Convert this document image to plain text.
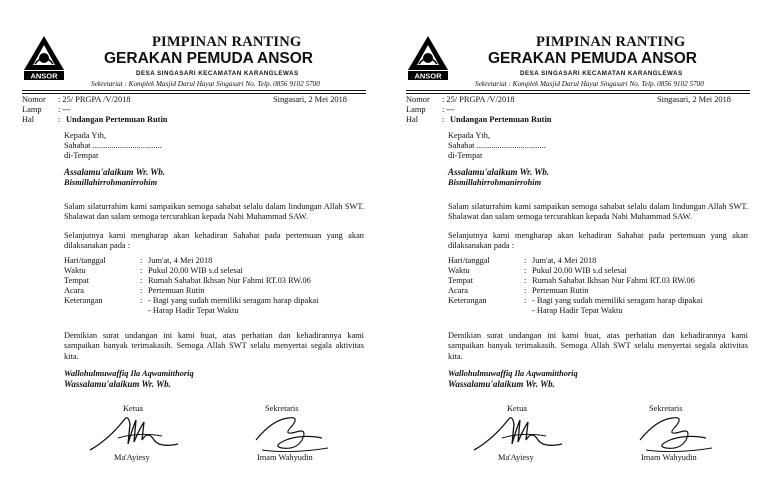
ANSOR
PIMPINAN RANTING
GERAKAN PEMUDA ANSOR
DESA SINGASARI KECAMATAN KARANGLEWAS
Sekretariat : Komplek Masjid Darul Hayat Singasari No. Telp. 0856 9102 5700
Nomor : 25/ PRGPA /V/2018	Singasari, 2 Mei 2018
Lamp : ---
Hal	: Undangan Pertemuan Rutin
Kepada Yth,
Sahabat .................................
di-Tempat
Assalamu'alaikum Wr. Wb.
Bismillahirrohmanirrohim
Salam silaturrahim kami sampaikan semoga sahabat selalu dalam lindungan Allah SWT. Shalawat dan salam semoga tercurahkan kepada Nabi Muhammad SAW.
Selanjutnya kami mengharap akan kehadiran Sahabat pada pertemuan yang akan dilaksanakan pada :
Hari/tanggal	: Jum'at, 4 Mei 2018
Waktu	: Pukul 20.00 WIB s.d selesai
Tempat	: Rumah Sahabat Ikhsan Nur Fahmi RT.03 RW.06
Acara	: Pertemuan Rutin
Keterangan	: - Bagi yang sudah memiliki seragam harap dipakai
- Harap Hadir Tepat Waktu
Demikian surat undangan ini kami buat, atas perhatian dan kehadirannya kami sampaikan banyak terimakasih. Semoga Allah SWT selalu menyertai segala aktivitas kita.
Wallohulmuwaffiq Ila Aqwamitthoriq
Wassalamu'alaikum Wr. Wb.
Ketua
Ma'Ayiesy
Sekretaris
Imam Wahyudin
ANSOR
PIMPINAN RANTING
GERAKAN PEMUDA ANSOR
DESA SINGASARI KECAMATAN KARANGLEWAS
Sekretariat : Komplek Masjid Darul Hayat Singasari No. Telp. 0856 9102 5700
Nomor : 25/ PRGPA /V/2018	Singasari, 2 Mei 2018
Lamp : ---
Hal	: Undangan Pertemuan Rutin
Kepada Yth,
Sahabat .................................
di-Tempat
Assalamu'alaikum Wr. Wb.
Bismillahirrohmanirrohim
Salam silaturrahim kami sampaikan semoga sahabat selalu dalam lindungan Allah SWT. Shalawat dan salam semoga tercurahkan kepada Nabi Muhammad SAW.
Selanjutnya kami mengharap akan kehadiran Sahabat pada pertemuan yang akan dilaksanakan pada :
Hari/tanggal	: Jum'at, 4 Mei 2018
Waktu	: Pukul 20.00 WIB s.d selesai
Tempat	: Rumah Sahabat Ikhsan Nur Fahmi RT.03 RW.06
Acara	: Pertemuan Rutin
Keterangan	: - Bagi yang sudah memiliki seragam harap dipakai
- Harap Hadir Tepat Waktu
Demikian surat undangan ini kami buat, atas perhatian dan kehadirannya kami sampaikan banyak terimakasih. Semoga Allah SWT selalu menyertai segala aktivitas kita.
Wallohulmuwaffiq Ila Aqwamitthoriq
Wassalamu'alaikum Wr. Wb.
Ketua
Ma'Ayiesy
Sekretaris
Imam Wahyudin
